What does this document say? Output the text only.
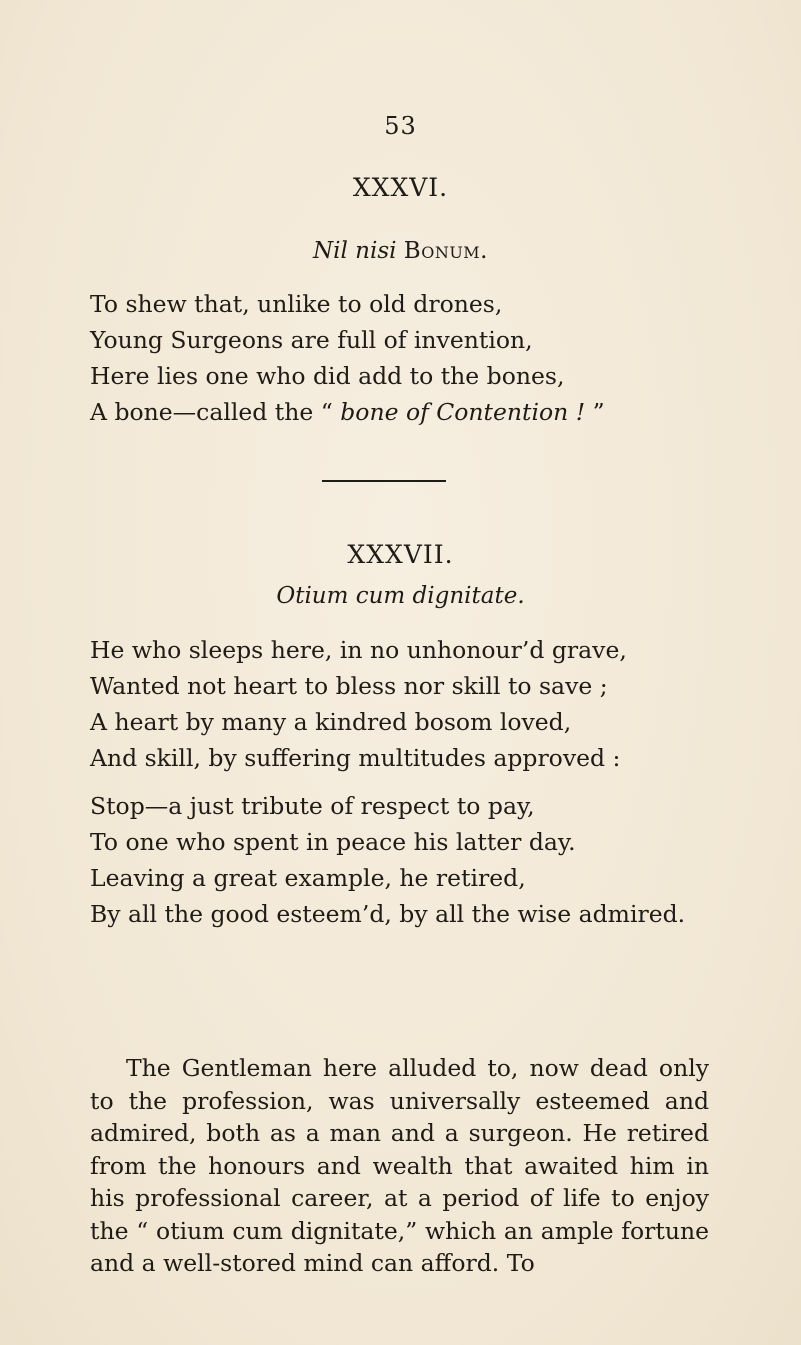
53
XXXVI.
Nil nisi Bonum.
To shew that, unlike to old drones,
Young Surgeons are full of invention,
Here lies one who did add to the bones,
A bone—called the “ bone of Contention ! ”
XXXVII.
Otium cum dignitate.
He who sleeps here, in no unhonour’d grave,
Wanted not heart to bless nor skill to save ;
A heart by many a kindred bosom loved,
And skill, by suffering multitudes approved :
Stop—a just tribute of respect to pay,
To one who spent in peace his latter day.
Leaving a great example, he retired,
By all the good esteem’d, by all the wise admired.

The Gentleman here alluded to, now dead only to the profession, was universally esteemed and admired, both as a man and a surgeon. He retired from the honours and wealth that awaited him in his professional career, at a period of life to enjoy the “ otium cum dignitate,” which an ample fortune and a well-stored mind can afford. To
